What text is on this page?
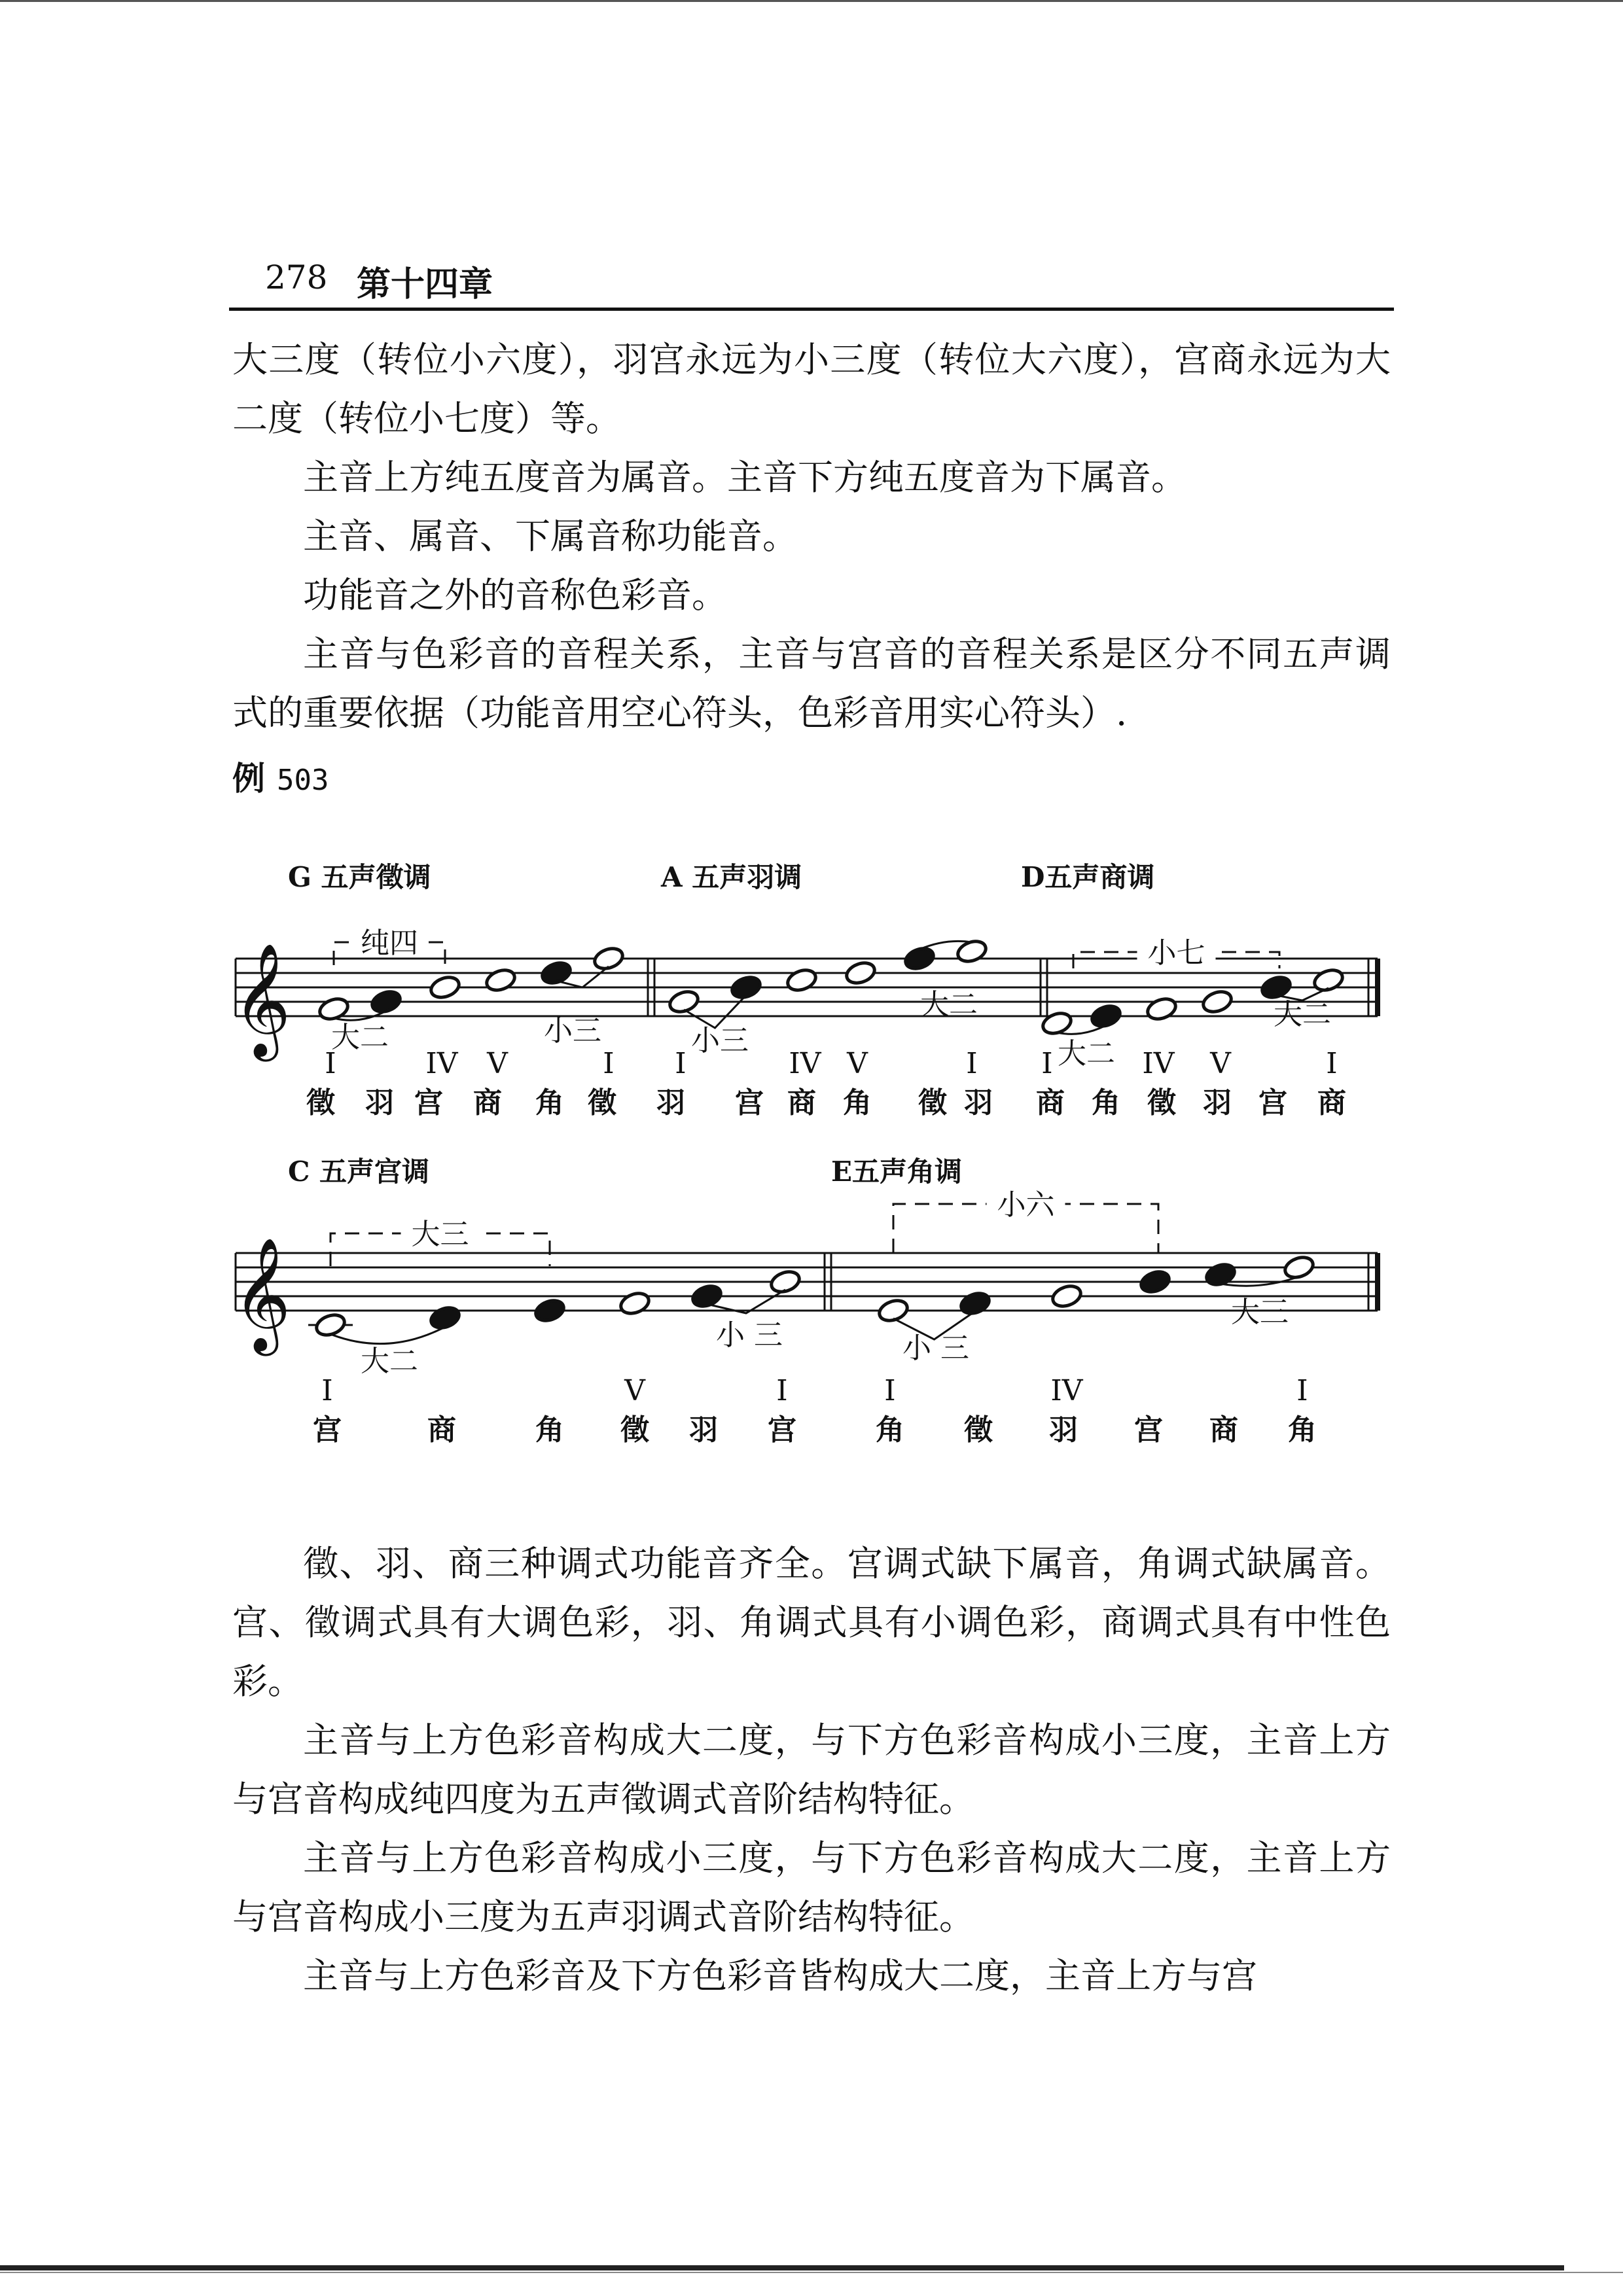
278 第十四章

大三度（转位小六度），羽宫永远为小三度（转位大六度），宫商永远为大二度（转位小七度）等。

主音上方纯五度音为属音。主音下方纯五度音为下属音。

主音、属音、下属音称功能音。

功能音之外的音称色彩音。

主音与色彩音的音程关系，主音与宫音的音程关系是区分不同五声调式的重要依据（功能音用空心符头，色彩音用实心符头）.

例 503
𝄞
G 五声徵调	A 五声羽调	D五声商调
纯四
大二	小三	小三
大二
小七
大二
大二
I	IV V	I I	IV V	I I	IV V	I
徵 羽 宫 商 角 徵 羽 宫 商 角 徵 羽 商 角 徵 羽 宫 商
𝄞
C 五声宫调	E五声角调
大三
大二
小 三
小六
小 三
大三
I	V	I	I	IV	I
宫	商	角 徵 羽 宫	角 徵 羽 宫 商 角

徵、羽、商三种调式功能音齐全。宫调式缺下属音，角调式缺属音。宫、徵调式具有大调色彩，羽、角调式具有小调色彩，商调式具有中性色彩。

主音与上方色彩音构成大二度，与下方色彩音构成小三度，主音上方与宫音构成纯四度为五声徵调式音阶结构特征。

主音与上方色彩音构成小三度，与下方色彩音构成大二度，主音上方与宫音构成小三度为五声羽调式音阶结构特征。

主音与上方色彩音及下方色彩音皆构成大二度，主音上方与宫
